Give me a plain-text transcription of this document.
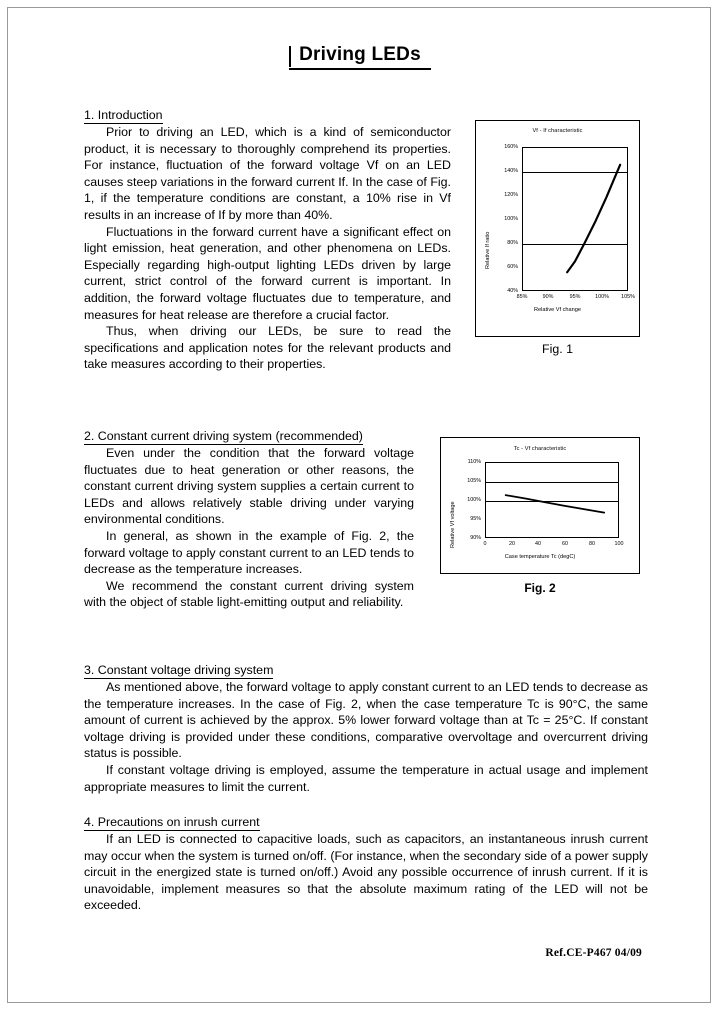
Driving LEDs
1. Introduction

Prior to driving an LED, which is a kind of semiconductor product, it is necessary to thoroughly comprehend its properties. For instance, fluctuation of the forward voltage Vf on an LED causes steep variations in the forward current If. In the case of Fig. 1, if the temperature conditions are constant, a 10% rise in Vf results in an increase of If by more than 40%.

Fluctuations in the forward current have a significant effect on light emission, heat generation, and other phenomena on LEDs. Especially regarding high-output lighting LEDs driven by large current, strict control of the forward current is important. In addition, the forward voltage fluctuates due to temperature, and measures for heat release are therefore a crucial factor.

Thus, when driving our LEDs, be sure to read the specifications and application notes for the relevant products and take measures according to their properties.

Vf - If characteristic
Relative If ratio
160%
140%
120%
100%
80%
60%
40%
85%	90%	95%	100% 105%
Relative Vf change
Fig. 1
2. Constant current driving system (recommended)

Even under the condition that the forward voltage fluctuates due to heat generation or other reasons, the constant current driving system supplies a certain current to LEDs and allows relatively stable driving under varying environmental conditions.

In general, as shown in the example of Fig. 2, the forward voltage to apply constant current to an LED tends to decrease as the temperature increases.

We recommend the constant current driving system with the object of stable light-emitting output and reliability.

Tc - Vf characteristic
Relative Vf voltage
110%
105%
100%
95%
90%
0	20	40	60	80	100
Case temperature Tc (degC)
Fig. 2
3. Constant voltage driving system

As mentioned above, the forward voltage to apply constant current to an LED tends to decrease as the temperature increases. In the case of Fig. 2, when the case temperature Tc is 90°C, the same amount of current is achieved by the approx. 5% lower forward voltage than at Tc = 25°C. If constant voltage driving is provided under these conditions, comparative overvoltage and overcurrent driving status is possible.

If constant voltage driving is employed, assume the temperature in actual usage and implement appropriate measures to limit the current.

4. Precautions on inrush current

If an LED is connected to capacitive loads, such as capacitors, an instantaneous inrush current may occur when the system is turned on/off. (For instance, when the secondary side of a power supply circuit in the energized state is turned on/off.) Avoid any possible occurrence of inrush current. If it is unavoidable, implement measures so that the absolute maximum rating of the LED will not be exceeded.

Ref.CE-P467 04/09
